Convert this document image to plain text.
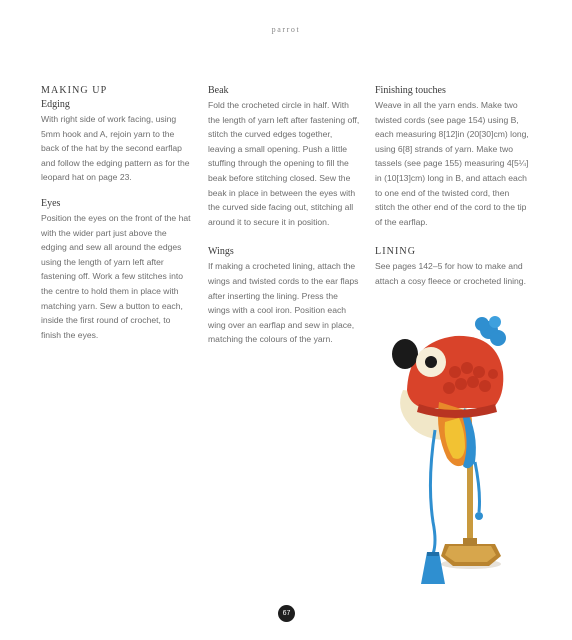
parrot

MAKING UP

Edging

With right side of work facing, using 5mm hook and A, rejoin yarn to the back of the hat by the second earflap and follow the edging pattern as for the leopard hat on page 23.

Eyes

Position the eyes on the front of the hat with the wider part just above the edging and sew all around the edges using the length of yarn left after fastening off. Work a few stitches into the centre to hold them in place with matching yarn. Sew a button to each, inside the first round of crochet, to finish the eyes.

Beak

Fold the crocheted circle in half. With the length of yarn left after fastening off, stitch the curved edges together, leaving a small opening. Push a little stuffing through the opening to fill the beak before stitching closed. Sew the beak in place in between the eyes with the curved side facing out, stitching all around it to secure it in position.

Wings

If making a crocheted lining, attach the wings and twisted cords to the ear flaps after inserting the lining. Press the wings with a cool iron. Position each wing over an earflap and sew in place, matching the colours of the yarn.

Finishing touches

Weave in all the yarn ends. Make two twisted cords (see page 154) using B, each measuring 8[12]in (20[30]cm) long, using 6[8] strands of yarn. Make two tassels (see page 155) measuring 4[5¼] in (10[13]cm) long in B, and attach each to one end of the twisted cord, then stitch the other end of the cord to the tip of the earflap.

LINING

See pages 142–5 for how to make and attach a cosy fleece or crocheted lining.

67
